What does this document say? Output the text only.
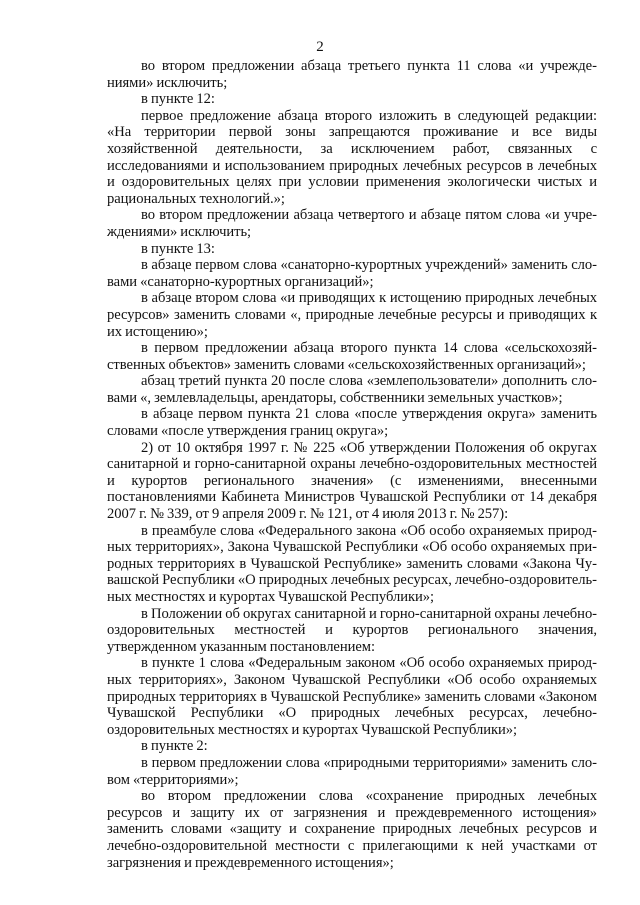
2

во втором предложении абзаца третьего пункта 11 слова «и учреждениями» исключить;

в пункте 12:

первое предложение абзаца второго изложить в следующей редакции: «На территории первой зоны запрещаются проживание и все виды хозяйственной деятельности, за исключением работ, связанных с исследованиями и использованием природных лечебных ресурсов в лечебных и оздоровительных целях при условии применения экологически чистых и рациональных технологий.»;

во втором предложении абзаца четвертого и абзаце пятом слова «и учреждениями» исключить;

в пункте 13:

в абзаце первом слова «санаторно-курортных учреждений» заменить словами «санаторно-курортных организаций»;

в абзаце втором слова «и приводящих к истощению природных лечебных ресурсов» заменить словами «, природные лечебные ресурсы и приводящих к их истощению»;

в первом предложении абзаца второго пункта 14 слова «сельскохозяйственных объектов» заменить словами «сельскохозяйственных организаций»;

абзац третий пункта 20 после слова «землепользователи» дополнить словами «, землевладельцы, арендаторы, собственники земельных участков»;

в абзаце первом пункта 21 слова «после утверждения округа» заменить словами «после утверждения границ округа»;

2) от 10 октября 1997 г. № 225 «Об утверждении Положения об округах санитарной и горно-санитарной охраны лечебно-оздоровительных местностей и курортов регионального значения» (с изменениями, внесенными постановлениями Кабинета Министров Чувашской Республики от 14 декабря 2007 г. № 339, от 9 апреля 2009 г. № 121, от 4 июля 2013 г. № 257):

в преамбуле слова «Федерального закона «Об особо охраняемых природных территориях», Закона Чувашской Республики «Об особо охраняемых природных территориях в Чувашской Республике» заменить словами «Закона Чувашской Республики «О природных лечебных ресурсах, лечебно-оздоровительных местностях и курортах Чувашской Республики»;

в Положении об округах санитарной и горно-санитарной охраны лечебно-оздоровительных местностей и курортов регионального значения, утвержденном указанным постановлением:

в пункте 1 слова «Федеральным законом «Об особо охраняемых природных территориях», Законом Чувашской Республики «Об особо охраняемых природных территориях в Чувашской Республике» заменить словами «Законом Чувашской Республики «О природных лечебных ресурсах, лечебно-оздоровительных местностях и курортах Чувашской Республики»;

в пункте 2:

в первом предложении слова «природными территориями» заменить словом «территориями»;

во втором предложении слова «сохранение природных лечебных ресурсов и защиту их от загрязнения и преждевременного истощения» заменить словами «защиту и сохранение природных лечебных ресурсов и лечебно-оздоровительной местности с прилегающими к ней участками от загрязнения и преждевременного истощения»;
